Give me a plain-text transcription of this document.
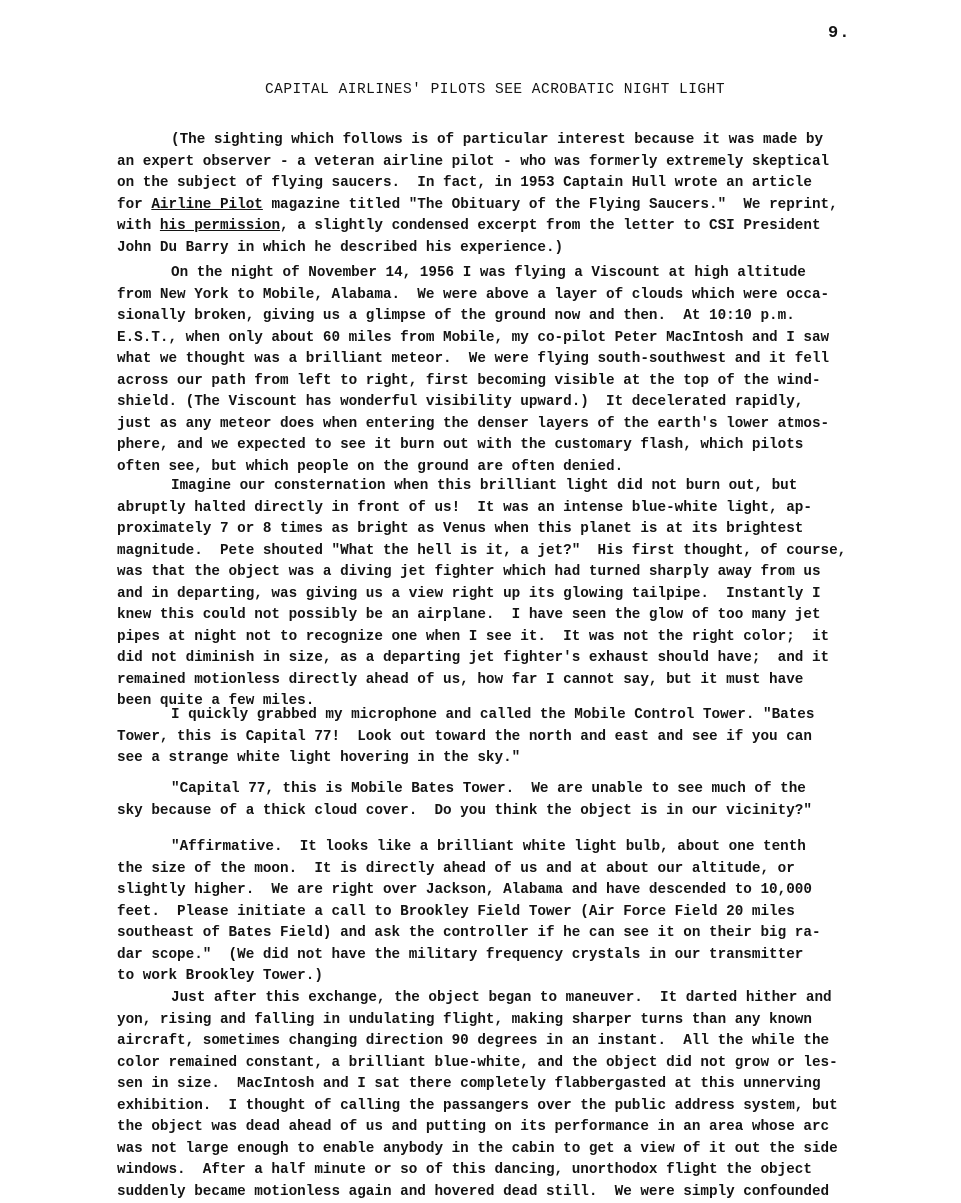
9.
CAPITAL AIRLINES' PILOTS SEE ACROBATIC NIGHT LIGHT
(The sighting which follows is of particular interest because it was made by
an expert observer - a veteran airline pilot - who was formerly extremely skeptical
on the subject of flying saucers.  In fact, in 1953 Captain Hull wrote an article
for Airline Pilot magazine titled "The Obituary of the Flying Saucers."  We reprint,
with his permission, a slightly condensed excerpt from the letter to CSI President
John Du Barry in which he described his experience.)
On the night of November 14, 1956 I was flying a Viscount at high altitude
from New York to Mobile, Alabama.  We were above a layer of clouds which were occa-
sionally broken, giving us a glimpse of the ground now and then.  At 10:10 p.m.
E.S.T., when only about 60 miles from Mobile, my co-pilot Peter MacIntosh and I saw
what we thought was a brilliant meteor.  We were flying south-southwest and it fell
across our path from left to right, first becoming visible at the top of the wind-
shield. (The Viscount has wonderful visibility upward.)  It decelerated rapidly,
just as any meteor does when entering the denser layers of the earth's lower atmos-
phere, and we expected to see it burn out with the customary flash, which pilots
often see, but which people on the ground are often denied.
Imagine our consternation when this brilliant light did not burn out, but
abruptly halted directly in front of us!  It was an intense blue-white light, ap-
proximately 7 or 8 times as bright as Venus when this planet is at its brightest
magnitude.  Pete shouted "What the hell is it, a jet?"  His first thought, of course,
was that the object was a diving jet fighter which had turned sharply away from us
and in departing, was giving us a view right up its glowing tailpipe.  Instantly I
knew this could not possibly be an airplane.  I have seen the glow of too many jet
pipes at night not to recognize one when I see it.  It was not the right color;  it
did not diminish in size, as a departing jet fighter's exhaust should have;  and it
remained motionless directly ahead of us, how far I cannot say, but it must have
been quite a few miles.
I quickly grabbed my microphone and called the Mobile Control Tower. "Bates
Tower, this is Capital 77!  Look out toward the north and east and see if you can
see a strange white light hovering in the sky."
"Capital 77, this is Mobile Bates Tower.  We are unable to see much of the
sky because of a thick cloud cover.  Do you think the object is in our vicinity?"
"Affirmative.  It looks like a brilliant white light bulb, about one tenth
the size of the moon.  It is directly ahead of us and at about our altitude, or
slightly higher.  We are right over Jackson, Alabama and have descended to 10,000
feet.  Please initiate a call to Brookley Field Tower (Air Force Field 20 miles
southeast of Bates Field) and ask the controller if he can see it on their big ra-
dar scope."  (We did not have the military frequency crystals in our transmitter
to work Brookley Tower.)
Just after this exchange, the object began to maneuver.  It darted hither and
yon, rising and falling in undulating flight, making sharper turns than any known
aircraft, sometimes changing direction 90 degrees in an instant.  All the while the
color remained constant, a brilliant blue-white, and the object did not grow or les-
sen in size.  MacIntosh and I sat there completely flabbergasted at this unnerving
exhibition.  I thought of calling the passangers over the public address system, but
the object was dead ahead of us and putting on its performance in an area whose arc
was not large enough to enable anybody in the cabin to get a view of it out the side
windows.  After a half minute or so of this dancing, unorthodox flight the object
suddenly became motionless again and hovered dead still.  We were simply confounded
